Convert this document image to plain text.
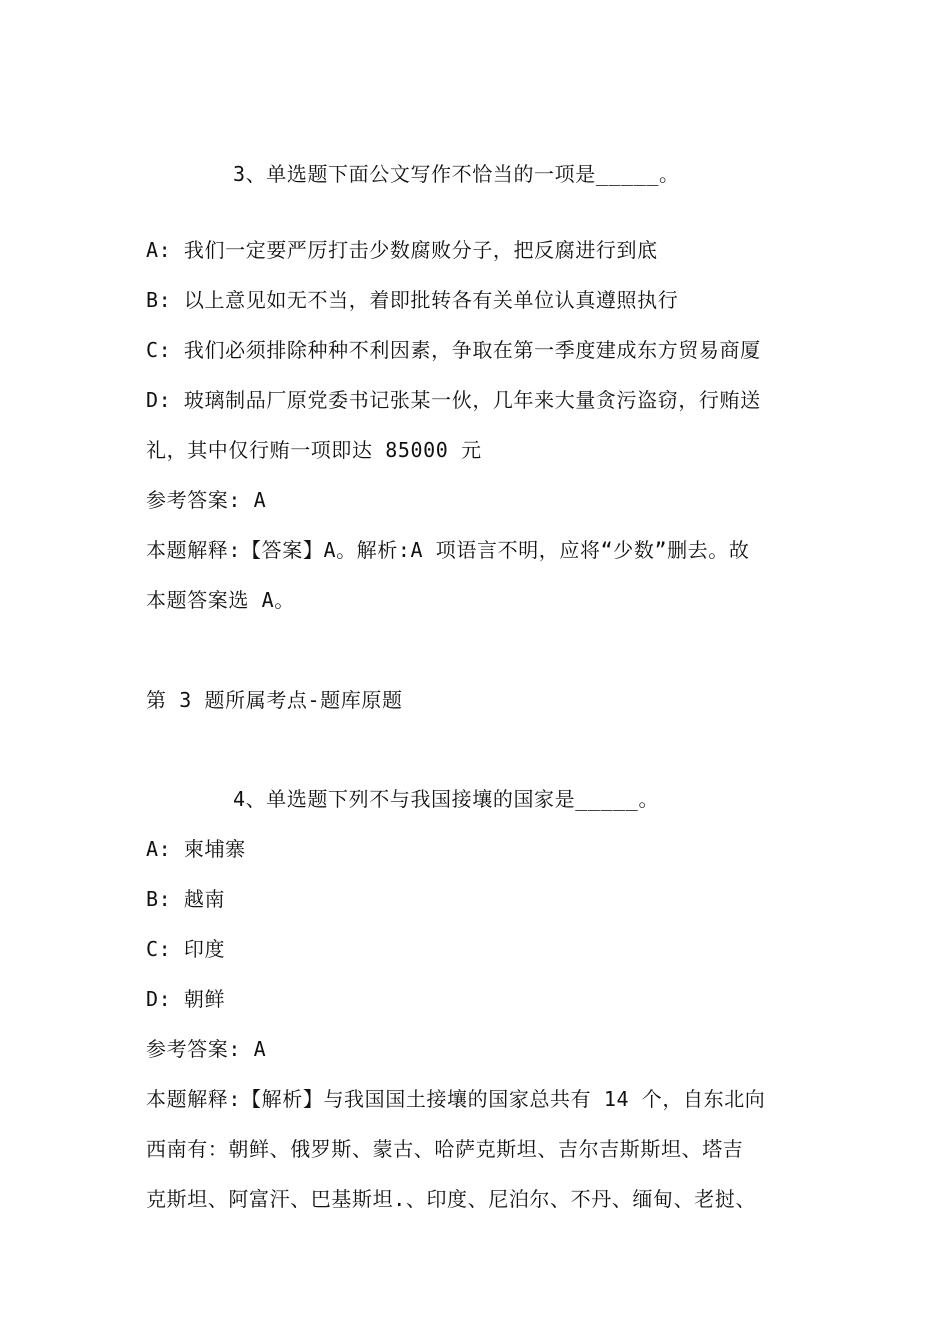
3、单选题下面公文写作不恰当的一项是_____。
A: 我们一定要严厉打击少数腐败分子，把反腐进行到底
B: 以上意见如无不当，着即批转各有关单位认真遵照执行
C: 我们必须排除种种不利因素，争取在第一季度建成东方贸易商厦
D: 玻璃制品厂原党委书记张某一伙，几年来大量贪污盗窃，行贿送
礼，其中仅行贿一项即达 85000 元
参考答案: A
本题解释:【答案】A。解析:A 项语言不明，应将“少数”删去。故
本题答案选 A。
第 3 题所属考点-题库原题
4、单选题下列不与我国接壤的国家是_____。
A: 柬埔寨
B: 越南
C: 印度
D: 朝鲜
参考答案: A
本题解释:【解析】与我国国土接壤的国家总共有 14 个，自东北向
西南有：朝鲜、俄罗斯、蒙古、哈萨克斯坦、吉尔吉斯斯坦、塔吉
克斯坦、阿富汗、巴基斯坦.、印度、尼泊尔、不丹、缅甸、老挝、
